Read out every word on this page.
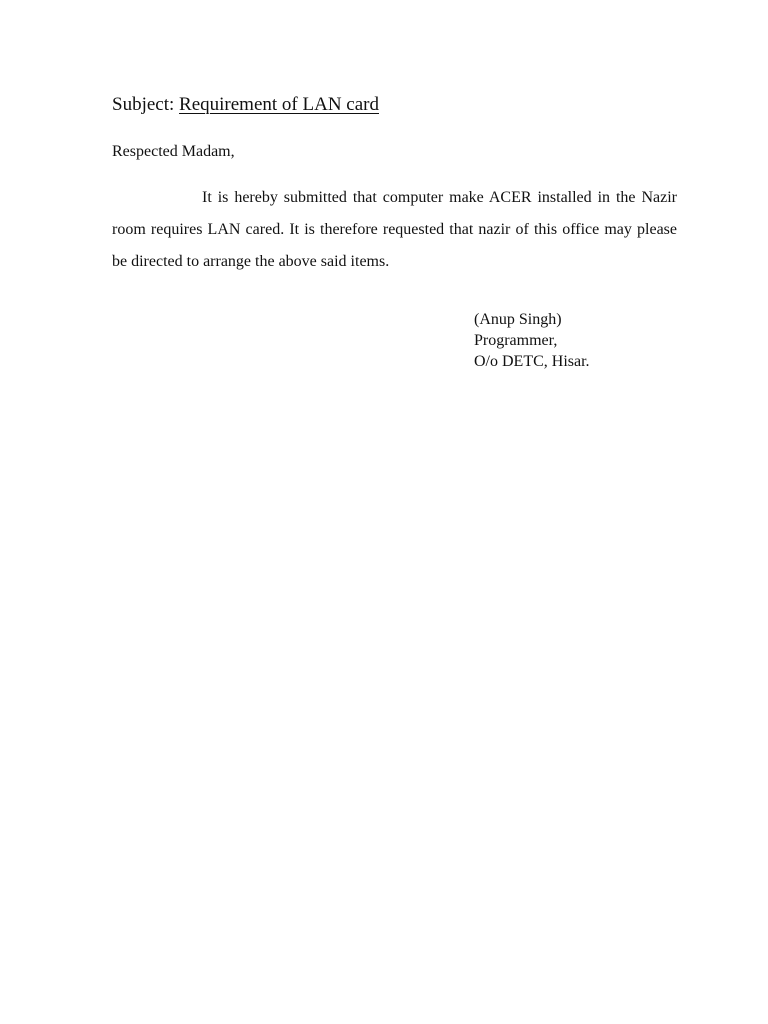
Subject: Requirement of LAN card
Respected Madam,

It is hereby submitted that computer make ACER installed in the Nazir room requires LAN cared. It is therefore requested that nazir of this office may please be directed to arrange the above said items.

(Anup Singh)
Programmer,
O/o DETC, Hisar.
